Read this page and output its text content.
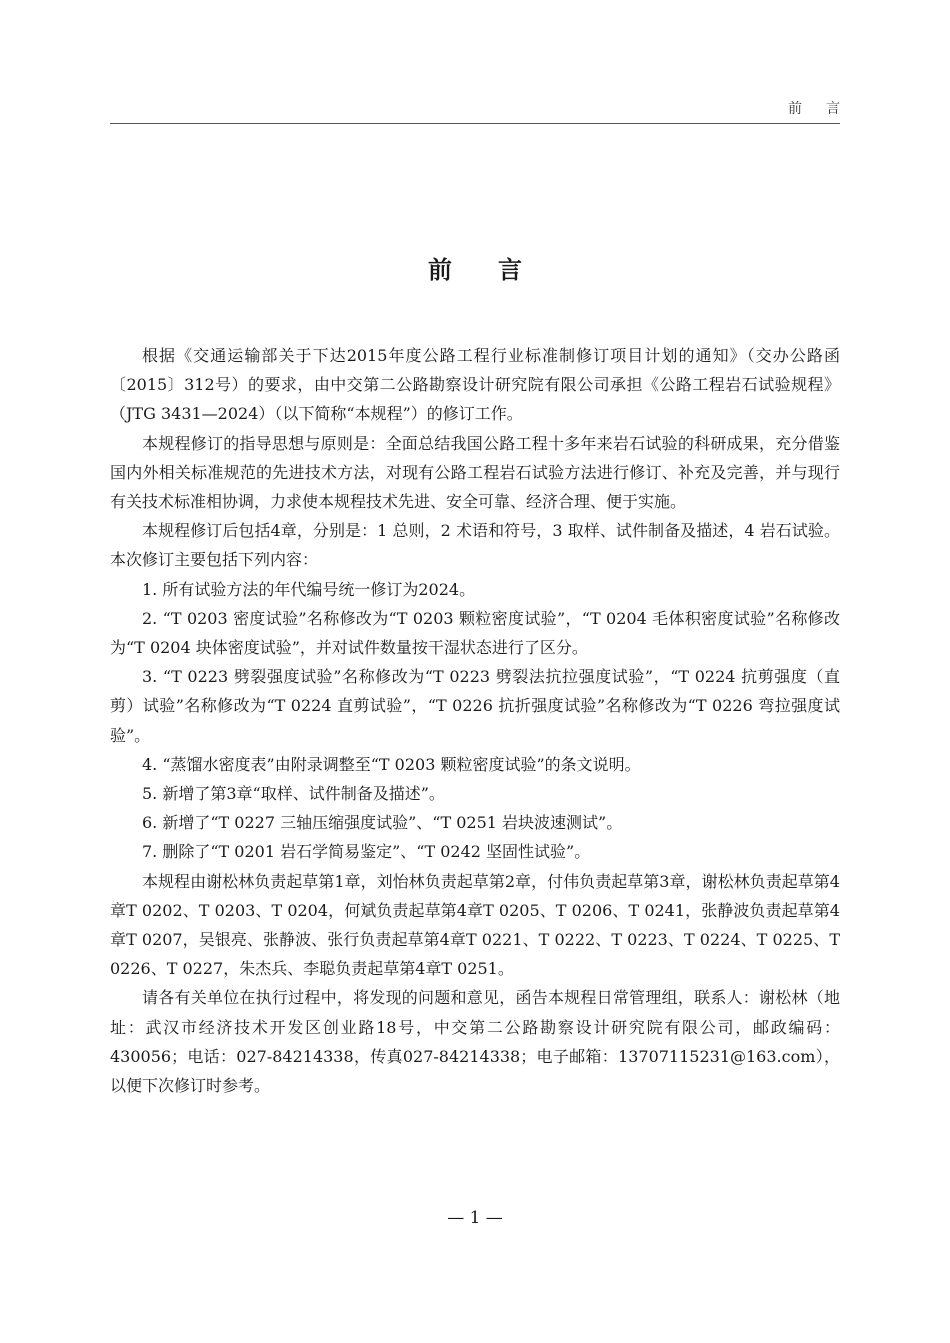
前言
前言

根据《交通运输部关于下达2015年度公路工程行业标准制修订项目计划的通知》（交办公路函〔2015〕312号）的要求，由中交第二公路勘察设计研究院有限公司承担《公路工程岩石试验规程》（JTG 3431—2024）（以下简称“本规程”）的修订工作。

本规程修订的指导思想与原则是：全面总结我国公路工程十多年来岩石试验的科研成果，充分借鉴国内外相关标准规范的先进技术方法，对现有公路工程岩石试验方法进行修订、补充及完善，并与现行有关技术标准相协调，力求使本规程技术先进、安全可靠、经济合理、便于实施。

本规程修订后包括4章，分别是：1 总则，2 术语和符号，3 取样、试件制备及描述，4 岩石试验。本次修订主要包括下列内容：

1. 所有试验方法的年代编号统一修订为2024。

2. “T 0203 密度试验”名称修改为“T 0203 颗粒密度试验”，“T 0204 毛体积密度试验”名称修改为“T 0204 块体密度试验”，并对试件数量按干湿状态进行了区分。

3. “T 0223 劈裂强度试验”名称修改为“T 0223 劈裂法抗拉强度试验”，“T 0224 抗剪强度（直剪）试验”名称修改为“T 0224 直剪试验”，“T 0226 抗折强度试验”名称修改为“T 0226 弯拉强度试验”。

4. “蒸馏水密度表”由附录调整至“T 0203 颗粒密度试验”的条文说明。

5. 新增了第3章“取样、试件制备及描述”。

6. 新增了“T 0227 三轴压缩强度试验”、“T 0251 岩块波速测试”。

7. 删除了“T 0201 岩石学简易鉴定”、“T 0242 坚固性试验”。

本规程由谢松林负责起草第1章，刘怡林负责起草第2章，付伟负责起草第3章，谢松林负责起草第4章T 0202、T 0203、T 0204，何斌负责起草第4章T 0205、T 0206、T 0241，张静波负责起草第4章T 0207，吴银亮、张静波、张行负责起草第4章T 0221、T 0222、T 0223、T 0224、T 0225、T 0226、T 0227，朱杰兵、李聪负责起草第4章T 0251。

请各有关单位在执行过程中，将发现的问题和意见，函告本规程日常管理组，联系人：谢松林（地址：武汉市经济技术开发区创业路18号，中交第二公路勘察设计研究院有限公司，邮政编码：430056；电话：027-84214338，传真027-84214338；电子邮箱：13707115231@163.com），以便下次修订时参考。

— 1 —
